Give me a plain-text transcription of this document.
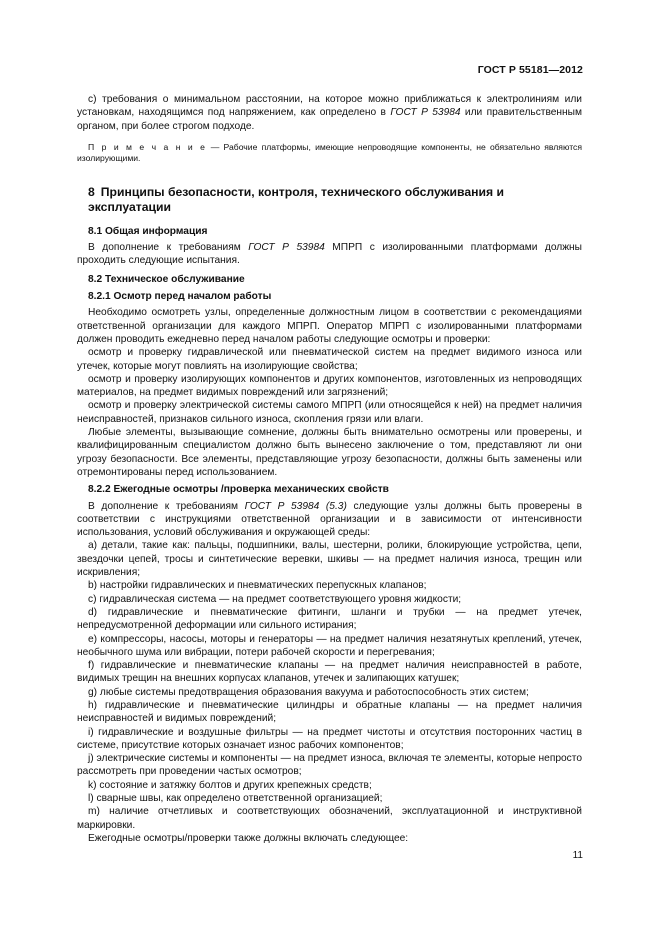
ГОСТ Р 55181—2012

с) требования о минимальном расстоянии, на которое можно приближаться к электролиниям или установкам, находящимся под напряжением, как определено в ГОСТ Р 53984 или правительственным органом, при более строгом подходе.

П р и м е ч а н и е — Рабочие платформы, имеющие непроводящие компоненты, не обязательно являются изолирующими.

8 Принципы безопасности, контроля, технического обслуживания и эксплуатации
8.1 Общая информация

В дополнение к требованиям ГОСТ Р 53984 МПРП с изолированными платформами должны проходить следующие испытания.

8.2 Техническое обслуживание
8.2.1 Осмотр перед началом работы

Необходимо осмотреть узлы, определенные должностным лицом в соответствии с рекомендациями ответственной организации для каждого МПРП. Оператор МПРП с изолированными платформами должен проводить ежедневно перед началом работы следующие осмотры и проверки:

осмотр и проверку гидравлической или пневматической систем на предмет видимого износа или утечек, которые могут повлиять на изолирующие свойства;

осмотр и проверку изолирующих компонентов и других компонентов, изготовленных из непроводящих материалов, на предмет видимых повреждений или загрязнений;

осмотр и проверку электрической системы самого МПРП (или относящейся к ней) на предмет наличия неисправностей, признаков сильного износа, скопления грязи или влаги.

Любые элементы, вызывающие сомнение, должны быть внимательно осмотрены или проверены, и квалифицированным специалистом должно быть вынесено заключение о том, представляют ли они угрозу безопасности. Все элементы, представляющие угрозу безопасности, должны быть заменены или отремонтированы перед использованием.

8.2.2 Ежегодные осмотры /проверка механических свойств

В дополнение к требованиям ГОСТ Р 53984 (5.3) следующие узлы должны быть проверены в соответствии с инструкциями ответственной организации и в зависимости от интенсивности использования, условий обслуживания и окружающей среды:

а) детали, такие как: пальцы, подшипники, валы, шестерни, ролики, блокирующие устройства, цепи, звездочки цепей, тросы и синтетические веревки, шкивы — на предмет наличия износа, трещин или искривления;

b) настройки гидравлических и пневматических перепускных клапанов;

c) гидравлическая система — на предмет соответствующего уровня жидкости;

d) гидравлические и пневматические фитинги, шланги и трубки — на предмет утечек, непредусмотренной деформации или сильного истирания;

е) компрессоры, насосы, моторы и генераторы — на предмет наличия незатянутых креплений, утечек, необычного шума или вибрации, потери рабочей скорости и перегревания;

f) гидравлические и пневматические клапаны — на предмет наличия неисправностей в работе, видимых трещин на внешних корпусах клапанов, утечек и залипающих катушек;

g) любые системы предотвращения образования вакуума и работоспособность этих систем;

h) гидравлические и пневматические цилиндры и обратные клапаны — на предмет наличия неисправностей и видимых повреждений;

i) гидравлические и воздушные фильтры — на предмет чистоты и отсутствия посторонних частиц в системе, присутствие которых означает износ рабочих компонентов;

j) электрические системы и компоненты — на предмет износа, включая те элементы, которые непросто рассмотреть при проведении частых осмотров;

k) состояние и затяжку болтов и других крепежных средств;

l) сварные швы, как определено ответственной организацией;

m) наличие отчетливых и соответствующих обозначений, эксплуатационной и инструктивной маркировки.

Ежегодные осмотры/проверки также должны включать следующее:

11
